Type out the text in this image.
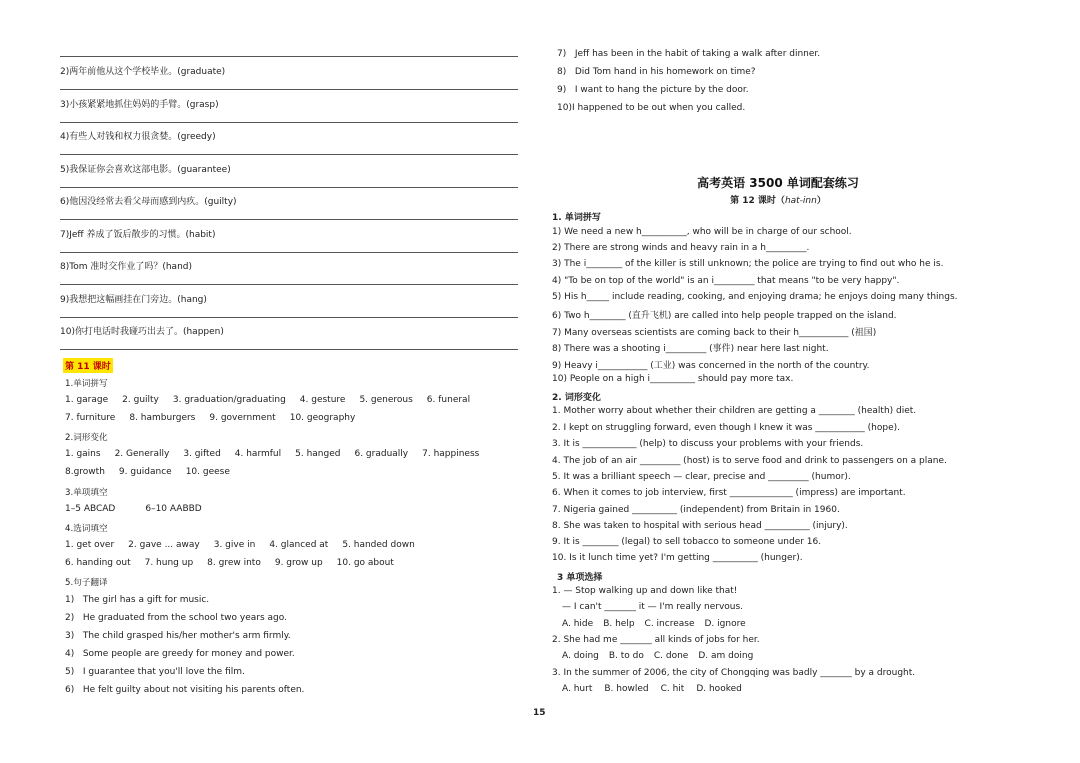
2)两年前他从这个学校毕业。(graduate)
3)小孩紧紧地抓住妈妈的手臂。(grasp)
4)有些人对钱和权力很贪婪。(greedy)
5)我保证你会喜欢这部电影。(guarantee)
6)他因没经常去看父母而感到内疚。(guilty)
7)Jeff 养成了饭后散步的习惯。(habit)
8)Tom 准时交作业了吗？(hand)
9)我想把这幅画挂在门旁边。(hang)
10)你打电话时我碰巧出去了。(happen)
第 11 课时
1.单词拼写
1. garage 2. guilty 3. graduation/graduating 4. gesture 5. generous 6. funeral
7. furniture 8. hamburgers 9. government 10. geography
2.词形变化
1. gains 2. Generally 3. gifted 4. harmful 5. hanged 6. gradually 7. happiness
8.growth 9. guidance 10. geese
3.单项填空
1–5 ABCAD	6–10 AABBD
4.选词填空
1. get over 2. gave ... away 3. give in 4. glanced at 5. handed down
6. handing out 7. hung up 8. grew into 9. grow up 10. go about
5.句子翻译
1)   The girl has a gift for music.
2)   He graduated from the school two years ago.
3)   The child grasped his/her mother's arm firmly.
4)   Some people are greedy for money and power.
5)   I guarantee that you'll love the film.
6)   He felt guilty about not visiting his parents often.
7)   Jeff has been in the habit of taking a walk after dinner.
8)   Did Tom hand in his homework on time?
9)   I want to hang the picture by the door.
10)I happened to be out when you called.
高考英语 3500 单词配套练习
第 12 课时（hat-inn）
1. 单词拼写
1) We need a new h__________, who will be in charge of our school.
2) There are strong winds and heavy rain in a h_________.
3) The i________ of the killer is still unknown; the police are trying to find out who he is.
4) "To be on top of the world" is an i_________ that means "to be very happy".
5) His h_____ include reading, cooking, and enjoying drama; he enjoys doing many things.
6) Two h________ (直升飞机) are called into help people trapped on the island.
7) Many overseas scientists are coming back to their h___________ (祖国)
8) There was a shooting i_________ (事件) near here last night.
9) Heavy i___________ (工业) was concerned in the north of the country.
10) People on a high i__________ should pay more tax.
2. 词形变化
1. Mother worry about whether their children are getting a ________ (health) diet.
2. I kept on struggling forward, even though I knew it was ___________ (hope).
3. It is ____________ (help) to discuss your problems with your friends.
4. The job of an air _________ (host) is to serve food and drink to passengers on a plane.
5. It was a brilliant speech — clear, precise and _________ (humor).
6. When it comes to job interview, first ______________ (impress) are important.
7. Nigeria gained __________ (independent) from Britain in 1960.
8. She was taken to hospital with serious head __________ (injury).
9. It is ________ (legal) to sell tobacco to someone under 16.
10. Is it lunch time yet? I'm getting __________ (hunger).
3 单项选择
1. — Stop walking up and down like that!
— I can't _______ it — I'm really nervous.
A. hide B. help C. increase D. ignore
2. She had me _______ all kinds of jobs for her.
A. doing B. to do C. done D. am doing
3. In the summer of 2006, the city of Chongqing was badly _______ by a drought.
A. hurt B. howled C. hit D. hooked
15
